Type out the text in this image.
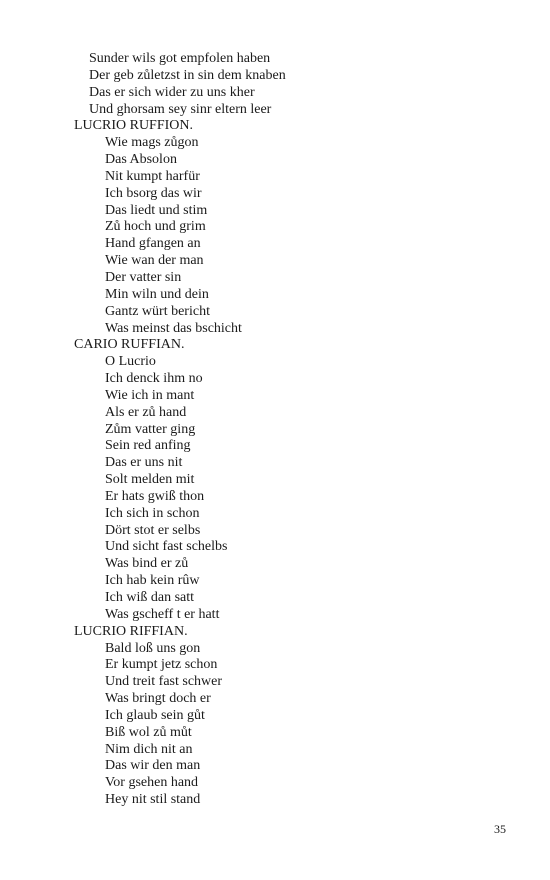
Sunder wils got empfolen haben
Der geb zůletzst in sin dem knaben
Das er sich wider zu uns kher
Und ghorsam sey sinr eltern leer
LUCRIO RUFFION.
Wie mags zůgon
Das Absolon
Nit kumpt harfür
Ich bsorg das wir
Das liedt und stim
Zů hoch und grim
Hand gfangen an
Wie wan der man
Der vatter sin
Min wiln und dein
Gantz würt bericht
Was meinst das bschicht
CARIO RUFFIAN.
O Lucrio
Ich denck ihm no
Wie ich in mant
Als er zů hand
Zům vatter ging
Sein red anfing
Das er uns nit
Solt melden mit
Er hats gwiß thon
Ich sich in schon
Dört stot er selbs
Und sicht fast schelbs
Was bind er zů
Ich hab kein rûw
Ich wiß dan satt
Was gscheff t er hatt
LUCRIO RIFFIAN.
Bald loß uns gon
Er kumpt jetz schon
Und treit fast schwer
Was bringt doch er
Ich glaub sein gůt
Biß wol zů můt
Nim dich nit an
Das wir den man
Vor gsehen hand
Hey nit stil stand
35
